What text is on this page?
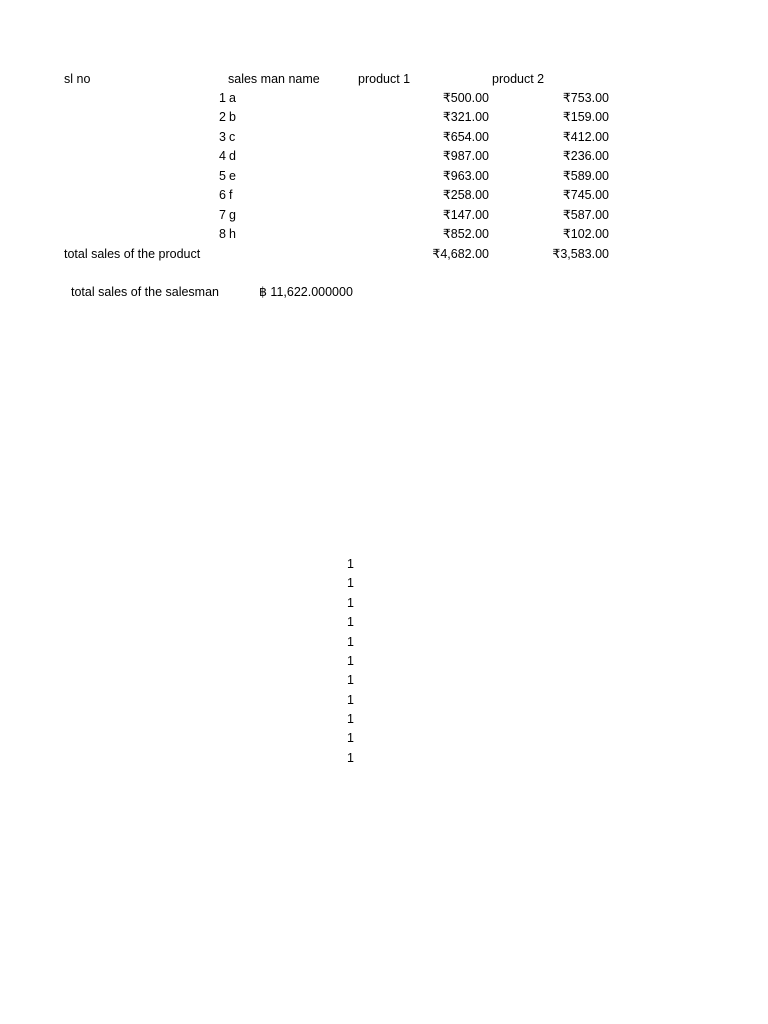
sl no	sales man name	product 1	product 2
1 a	₹500.00	₹753.00
2 b	₹321.00	₹159.00
3 c	₹654.00	₹412.00
4 d	₹987.00	₹236.00
5 e	₹963.00	₹589.00
6 f	₹258.00	₹745.00
7 g	₹147.00	₹587.00
8 h	₹852.00	₹102.00
total sales of the product	₹4,682.00	₹3,583.00
total sales of the salesman	฿ 11,622.000000
1
1
1
1
1
1
1
1
1
1
1
